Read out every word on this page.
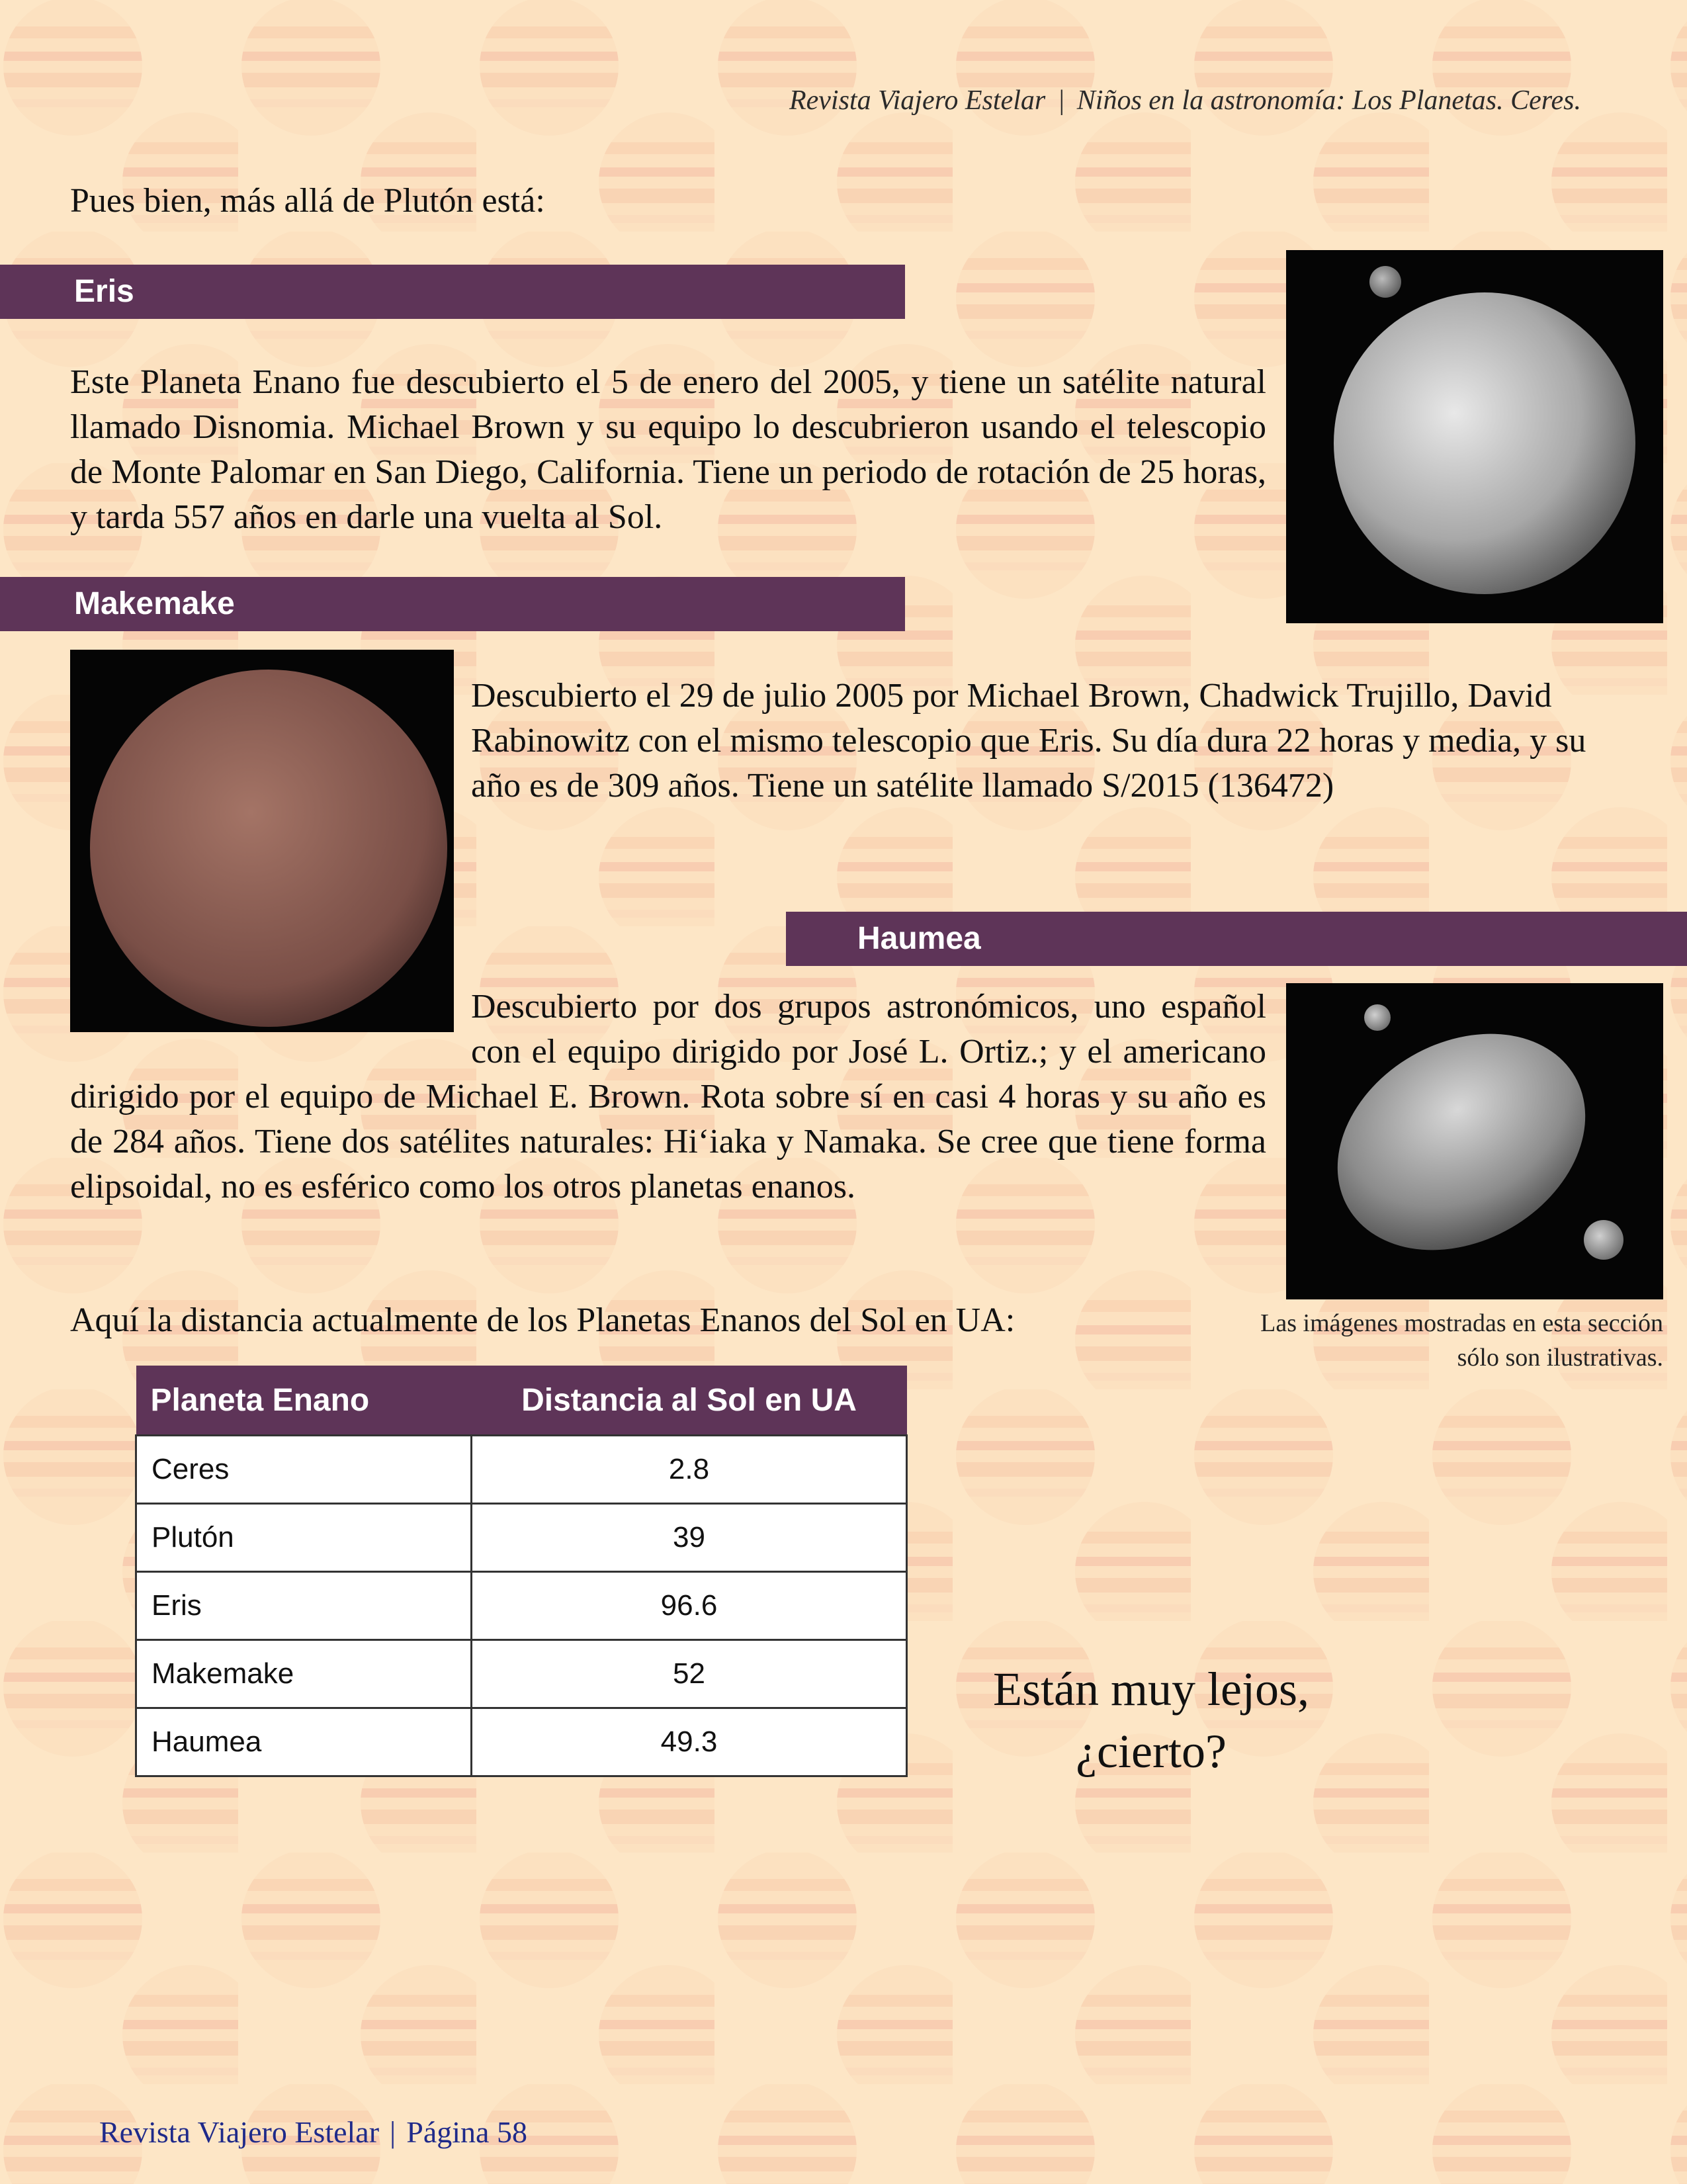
Revista Viajero Estelar | Niños en la astronomía: Los Planetas. Ceres.
Pues bien, más allá de Plutón está:
Eris
Este Planeta Enano fue descubierto el 5 de enero del 2005, y tiene un satélite natural llamado Disnomia. Michael Brown y su equipo lo descubrieron usando el telescopio de Monte Palomar en San Diego, California. Tiene un periodo de rotación de 25 horas, y tarda 557 años en darle una vuelta al Sol.
Makemake
Descubierto el 29 de julio 2005 por Michael Brown, Chadwick Trujillo, David Rabinowitz con el mismo telescopio que Eris. Su día dura 22 horas y media, y su año es de 309 años. Tiene un satélite llamado S/2015 (136472)
Haumea
Descubierto por dos grupos astronómicos, uno español con el equipo dirigido por José L. Ortiz.; y el americano dirigido por el equipo de Michael E. Brown. Rota sobre sí en casi 4 horas y su año es de 284 años. Tiene dos satélites naturales: Hi‘iaka y Namaka. Se cree que tiene forma elipsoidal, no es esférico como los otros planetas enanos.
Las imágenes mostradas en esta sección sólo son ilustrativas.
Aquí la distancia actualmente de los Planetas Enanos del Sol en UA:
Planeta Enano	Distancia al Sol en UA
Ceres	2.8
Plutón	39
Eris	96.6
Makemake	52
Haumea	49.3
Están muy lejos, ¿cierto?
Revista Viajero Estelar | Página 58
